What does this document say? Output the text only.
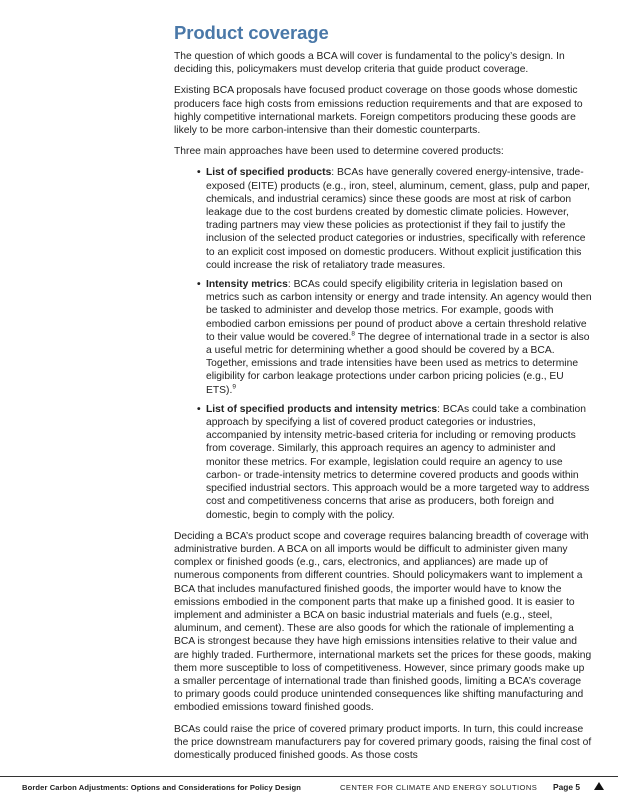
Product coverage

The question of which goods a BCA will cover is fundamental to the policy’s design. In deciding this, policymakers must develop criteria that guide product coverage.

Existing BCA proposals have focused product coverage on those goods whose domestic producers face high costs from emissions reduction requirements and that are exposed to highly competitive international markets. Foreign competitors producing these goods are likely to be more carbon-intensive than their domestic counterparts.

Three main approaches have been used to determine covered products:

• List of specified products: BCAs have generally covered energy-intensive, trade-exposed (EITE) products (e.g., iron, steel, aluminum, cement, glass, pulp and paper, chemicals, and industrial ceramics) since these goods are most at risk of carbon leakage due to the cost burdens created by domestic climate policies. However, trading partners may view these policies as protectionist if they fail to justify the inclusion of the selected product categories or industries, specifically with reference to an explicit cost imposed on domestic producers. Without explicit justification this could increase the risk of retaliatory trade measures.
• Intensity metrics: BCAs could specify eligibility criteria in legislation based on metrics such as carbon intensity or energy and trade intensity. An agency would then be tasked to administer and develop those metrics. For example, goods with embodied carbon emissions per pound of product above a certain threshold relative to their value would be covered.$^8$ The degree of international trade in a sector is also a useful metric for determining whether a good should be covered by a BCA. Together, emissions and trade intensities have been used as metrics to determine eligibility for carbon leakage protections under carbon pricing policies (e.g., EU ETS).$^9$
• List of specified products and intensity metrics: BCAs could take a combination approach by specifying a list of covered product categories or industries, accompanied by intensity metric-based criteria for including or removing products from coverage. Similarly, this approach requires an agency to administer and monitor these metrics. For example, legislation could require an agency to use carbon- or trade-intensity metrics to determine covered products and goods within specified industrial sectors. This approach would be a more targeted way to address cost and competitiveness concerns that arise as producers, both foreign and domestic, begin to comply with the policy.

Deciding a BCA’s product scope and coverage requires balancing breadth of coverage with administrative burden. A BCA on all imports would be difficult to administer given many complex or finished goods (e.g., cars, electronics, and appliances) are made up of numerous components from different countries. Should policymakers want to implement a BCA that includes manufactured finished goods, the importer would have to know the emissions embodied in the component parts that make up a finished good. It is easier to implement and administer a BCA on basic industrial materials and fuels (e.g., steel, aluminum, and cement). These are also goods for which the rationale of implementing a BCA is strongest because they have high emissions intensities relative to their value and are highly traded. Furthermore, international markets set the prices for these goods, making them more susceptible to loss of competitiveness. However, since primary goods make up a smaller percentage of international trade than finished goods, limiting a BCA’s coverage to primary goods could produce unintended consequences like shifting manufacturing and embodied emissions toward finished goods.

BCAs could raise the price of covered primary product imports. In turn, this could increase the price downstream manufacturers pay for covered primary goods, raising the final cost of domestically produced finished goods. As those costs

Border Carbon Adjustments: Options and Considerations for Policy Design	CENTER FOR CLIMATE AND ENERGY SOLUTIONS Page 5
